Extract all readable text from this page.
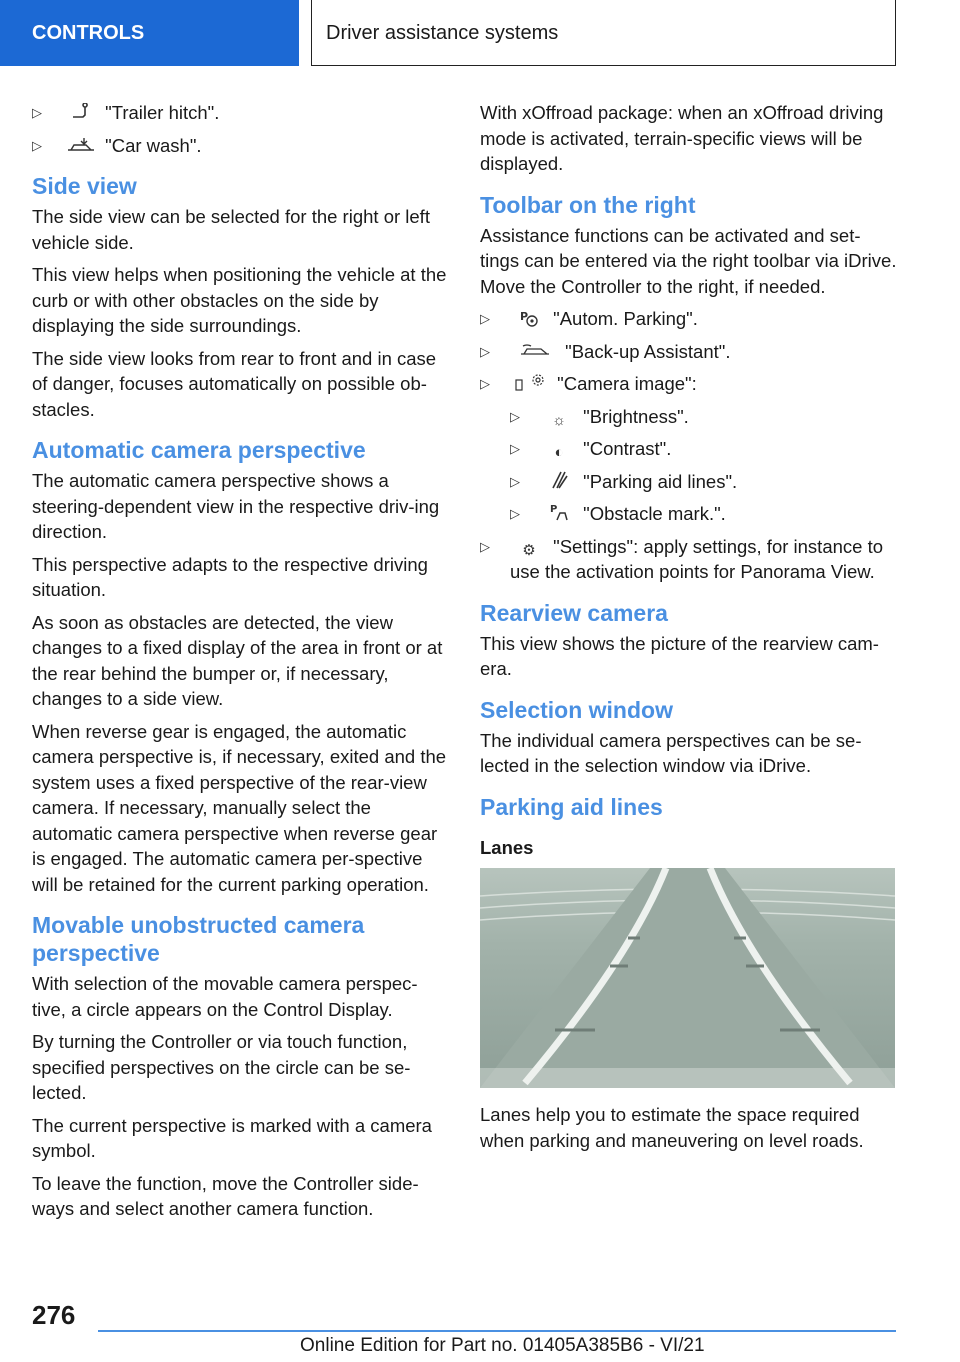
CONTROLS	Driver assistance systems
▷	"Trailer hitch".
▷	"Car wash".
Side view

The side view can be selected for the right or left vehicle side.

This view helps when positioning the vehicle at the curb or with other obstacles on the side by displaying the side surroundings.

The side view looks from rear to front and in case of danger, focuses automatically on possible ob‐stacles.

Automatic camera perspective

The automatic camera perspective shows a steering-dependent view in the respective driv‐ing direction.

This perspective adapts to the respective driving situation.

As soon as obstacles are detected, the view changes to a fixed display of the area in front or at the rear behind the bumper or, if necessary, changes to a side view.

When reverse gear is engaged, the automatic camera perspective is, if necessary, exited and the system uses a fixed perspective of the rear‐view camera. If necessary, manually select the automatic camera perspective when reverse gear is engaged. The automatic camera per‐spective will be retained for the current parking operation.

Movable unobstructed camera perspective

With selection of the movable camera perspec‐tive, a circle appears on the Control Display.

By turning the Controller or via touch function, specified perspectives on the circle can be se‐lected.

The current perspective is marked with a camera symbol.

To leave the function, move the Controller side‐ways and select another camera function.

With xOffroad package: when an xOffroad driving mode is activated, terrain-specific views will be displayed.

Toolbar on the right

Assistance functions can be activated and set‐tings can be entered via the right toolbar via iDrive. Move the Controller to the right, if needed.

▷	P "Autom. Parking".
▷	"Back-up Assistant".
▷	"Camera image":
▷ ☼ "Brightness".
▷ ◐ "Contrast".
▷	"Parking aid lines".
▷	P "Obstacle mark.".
▷ ⚙ "Settings": apply settings, for instance to use the activation points for Panorama View.
Rearview camera

This view shows the picture of the rearview cam‐era.

Selection window

The individual camera perspectives can be se‐lected in the selection window via iDrive.

Parking aid lines
Lanes

Lanes help you to estimate the space required when parking and maneuvering on level roads.

276
Online Edition for Part no. 01405A385B6 - VI/21
